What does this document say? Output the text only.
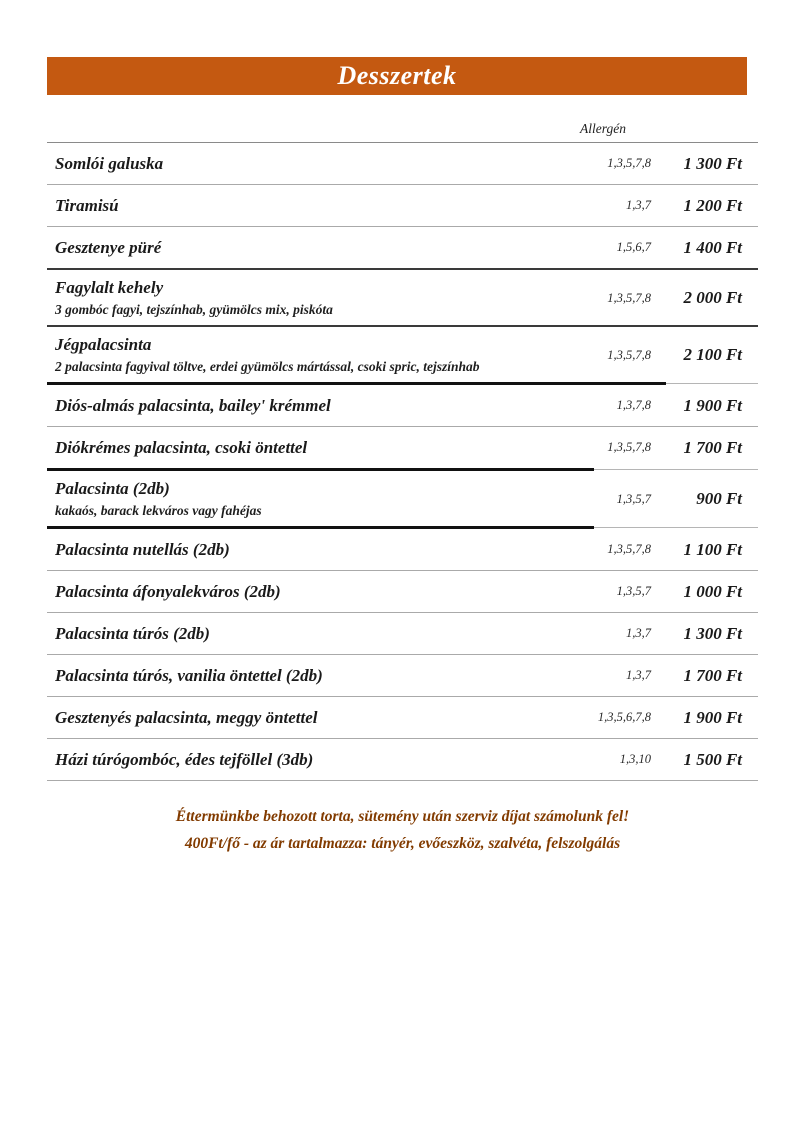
Desszertek
Allergén
Somlói galuska	1,3,5,7,8	1 300 Ft
Tiramisú	1,3,7	1 200 Ft
Gesztenye püré	1,5,6,7	1 400 Ft
Fagylalt kehely
3 gombóc fagyi, tejszínhab, gyümölcs mix, piskóta
1,3,5,7,8	2 000 Ft
Jégpalacsinta
2 palacsinta fagyival töltve, erdei gyümölcs mártással, csoki spric, tejszínhab
1,3,5,7,8	2 100 Ft
Diós-almás palacsinta, bailey' krémmel	1,3,7,8	1 900 Ft
Diókrémes palacsinta, csoki öntettel	1,3,5,7,8	1 700 Ft
Palacsinta (2db)
kakaós, barack lekváros vagy fahéjas
1,3,5,7	900 Ft
Palacsinta nutellás (2db)	1,3,5,7,8	1 100 Ft
Palacsinta áfonyalekváros (2db)	1,3,5,7	1 000 Ft
Palacsinta túrós (2db)	1,3,7	1 300 Ft
Palacsinta túrós, vanilia öntettel (2db)	1,3,7	1 700 Ft
Gesztenyés palacsinta, meggy öntettel	1,3,5,6,7,8	1 900 Ft
Házi túrógombóc, édes tejföllel (3db)	1,3,10	1 500 Ft
Éttermünkbe behozott torta, sütemény után szerviz díjat számolunk fel!
400Ft/fő - az ár tartalmazza: tányér, evőeszköz, szalvéta, felszolgálás
